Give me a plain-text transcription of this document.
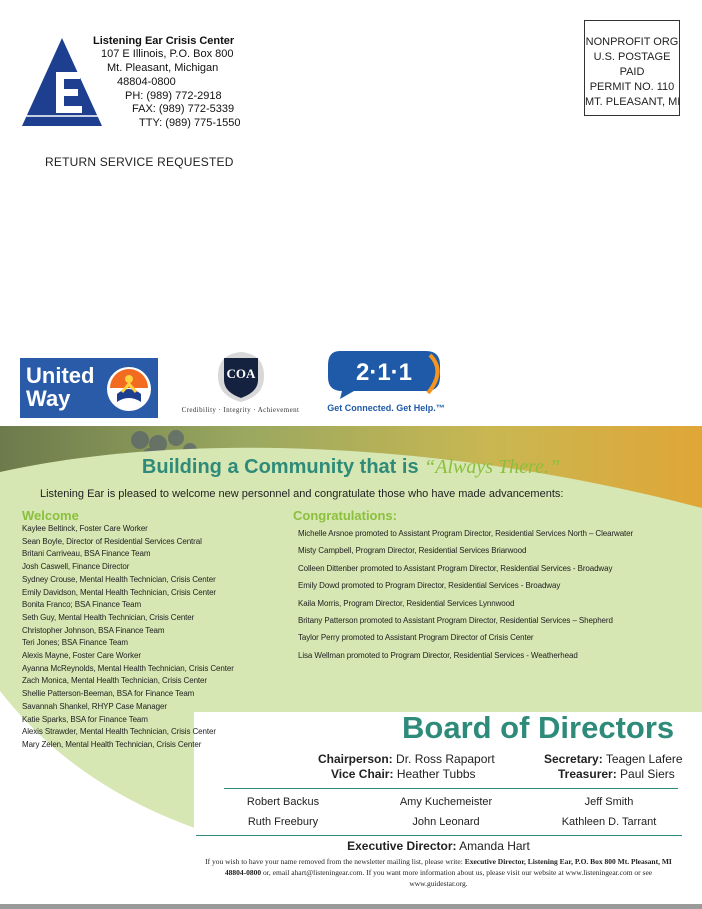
Listening Ear Crisis Center
107 E Illinois, P.O. Box 800
Mt. Pleasant, Michigan
48804-0800
PH: (989) 772-2918
FAX: (989) 772-5339
TTY: (989) 775-1550
NONPROFIT ORG
U.S. POSTAGE
PAID
PERMIT NO. 110
MT. PLEASANT, MI
RETURN SERVICE REQUESTED
United
Way
COA
Credibility · Integrity · Achievement
2·1·1
Get Connected. Get Help.™
Building a Community that is “Always There.”
Listening Ear is pleased to welcome new personnel and congratulate those who have made advancements:
Welcome
Kaylee Beltinck, Foster Care Worker
Sean Boyle, Director of Residential Services Central
Britani Carriveau, BSA Finance Team
Josh Caswell, Finance Director
Sydney Crouse, Mental Health Technician, Crisis Center
Emily Davidson, Mental Health Technician, Crisis Center
Bonita Franco; BSA Finance Team
Seth Guy, Mental Health Technician, Crisis Center
Christopher Johnson, BSA Finance Team
Teri Jones; BSA Finance Team
Alexis Mayne, Foster Care Worker
Ayanna McReynolds, Mental Health Technician, Crisis Center
Zach Monica, Mental Health Technician, Crisis Center
Shellie Patterson-Beeman, BSA for Finance Team
Savannah Shankel, RHYP Case Manager
Katie Sparks, BSA for Finance Team
Alexis Strawder, Mental Health Technician, Crisis Center
Mary Zelen, Mental Health Technician, Crisis Center
Congratulations:
Michelle Arsnoe promoted to Assistant Program Director, Residential Services North – Clearwater
Misty Campbell, Program Director, Residential Services Briarwood
Colleen Dittenber promoted to Assistant Program Director, Residential Services - Broadway
Emily Dowd promoted to Program Director, Residential Services - Broadway
Kaila Morris, Program Director, Residential Services Lynnwood
Britany Patterson promoted to Assistant Program Director, Residential Services – Shepherd
Taylor Perry promoted to Assistant Program Director of Crisis Center
Lisa Wellman promoted to Program Director, Residential Services - Weatherhead
Board of Directors
Chairperson: Dr. Ross Rapaport
Vice Chair: Heather Tubbs
Secretary: Teagen Lafere
Treasurer: Paul Siers
Robert Backus	Amy Kuchemeister	Jeff Smith
Ruth Freebury	John Leonard	Kathleen D. Tarrant
Executive Director: Amanda Hart
If you wish to have your name removed from the newsletter mailing list, please write: Executive Director, Listening Ear, P.O. Box 800 Mt. Pleasant, MI 48804-0800 or, email ahart@listeningear.com. If you want more information about us, please visit our website at www.listeningear.com or see www.guidestar.org.
